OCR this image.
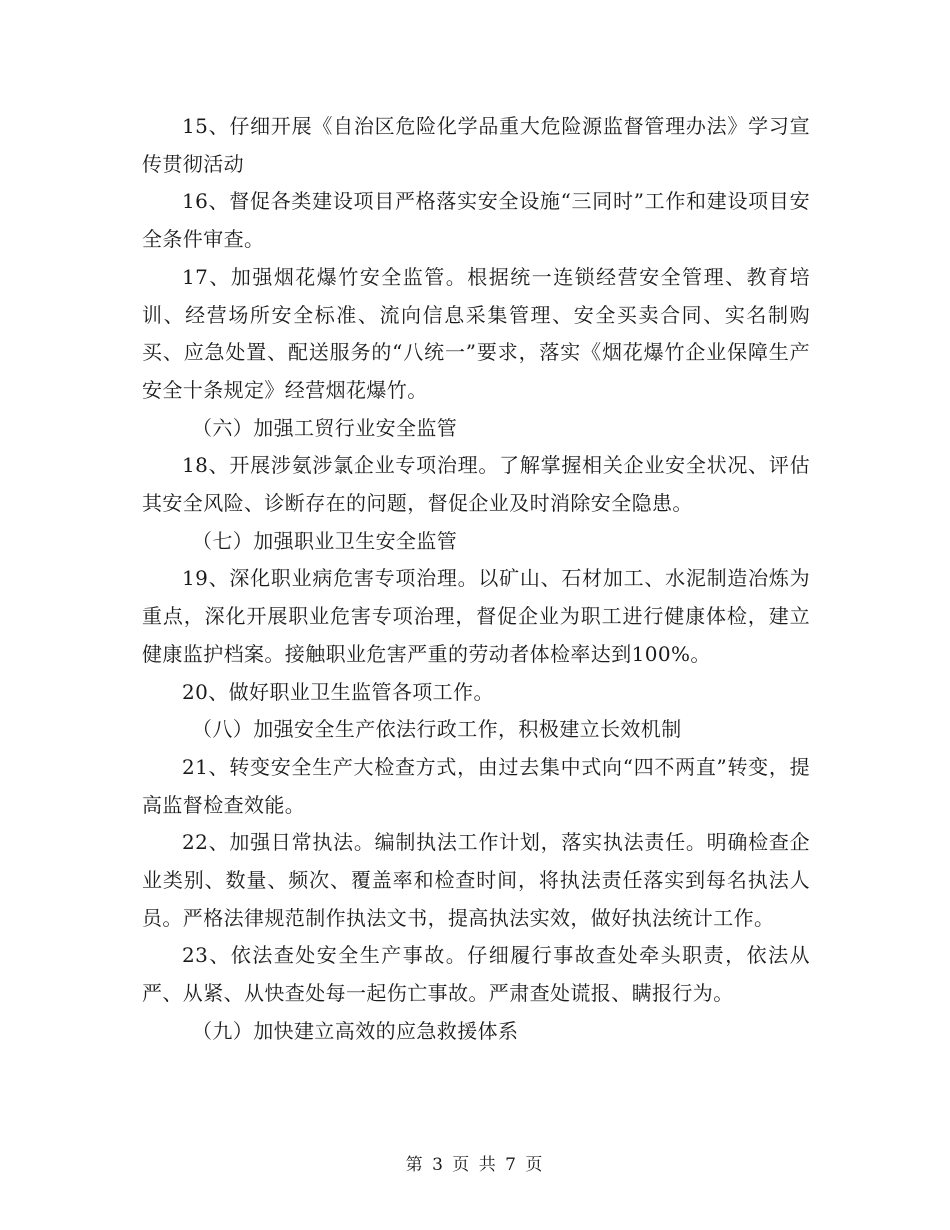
15、仔细开展《自治区危险化学品重大危险源监督管理办法》学习宣传贯彻活动

16、督促各类建设项目严格落实安全设施“三同时”工作和建设项目安全条件审查。

17、加强烟花爆竹安全监管。根据统一连锁经营安全管理、教育培训、经营场所安全标准、流向信息采集管理、安全买卖合同、实名制购买、应急处置、配送服务的“八统一”要求，落实《烟花爆竹企业保障生产安全十条规定》经营烟花爆竹。

（六）加强工贸行业安全监管

18、开展涉氨涉氯企业专项治理。了解掌握相关企业安全状况、评估其安全风险、诊断存在的问题，督促企业及时消除安全隐患。

（七）加强职业卫生安全监管

19、深化职业病危害专项治理。以矿山、石材加工、水泥制造冶炼为重点，深化开展职业危害专项治理，督促企业为职工进行健康体检，建立健康监护档案。接触职业危害严重的劳动者体检率达到100%。

20、做好职业卫生监管各项工作。

（八）加强安全生产依法行政工作，积极建立长效机制

21、转变安全生产大检查方式，由过去集中式向“四不两直”转变，提高监督检查效能。

22、加强日常执法。编制执法工作计划，落实执法责任。明确检查企业类别、数量、频次、覆盖率和检查时间，将执法责任落实到每名执法人员。严格法律规范制作执法文书，提高执法实效，做好执法统计工作。

23、依法查处安全生产事故。仔细履行事故查处牵头职责，依法从严、从紧、从快查处每一起伤亡事故。严肃查处谎报、瞒报行为。

（九）加快建立高效的应急救援体系

第 3 页 共 7 页
